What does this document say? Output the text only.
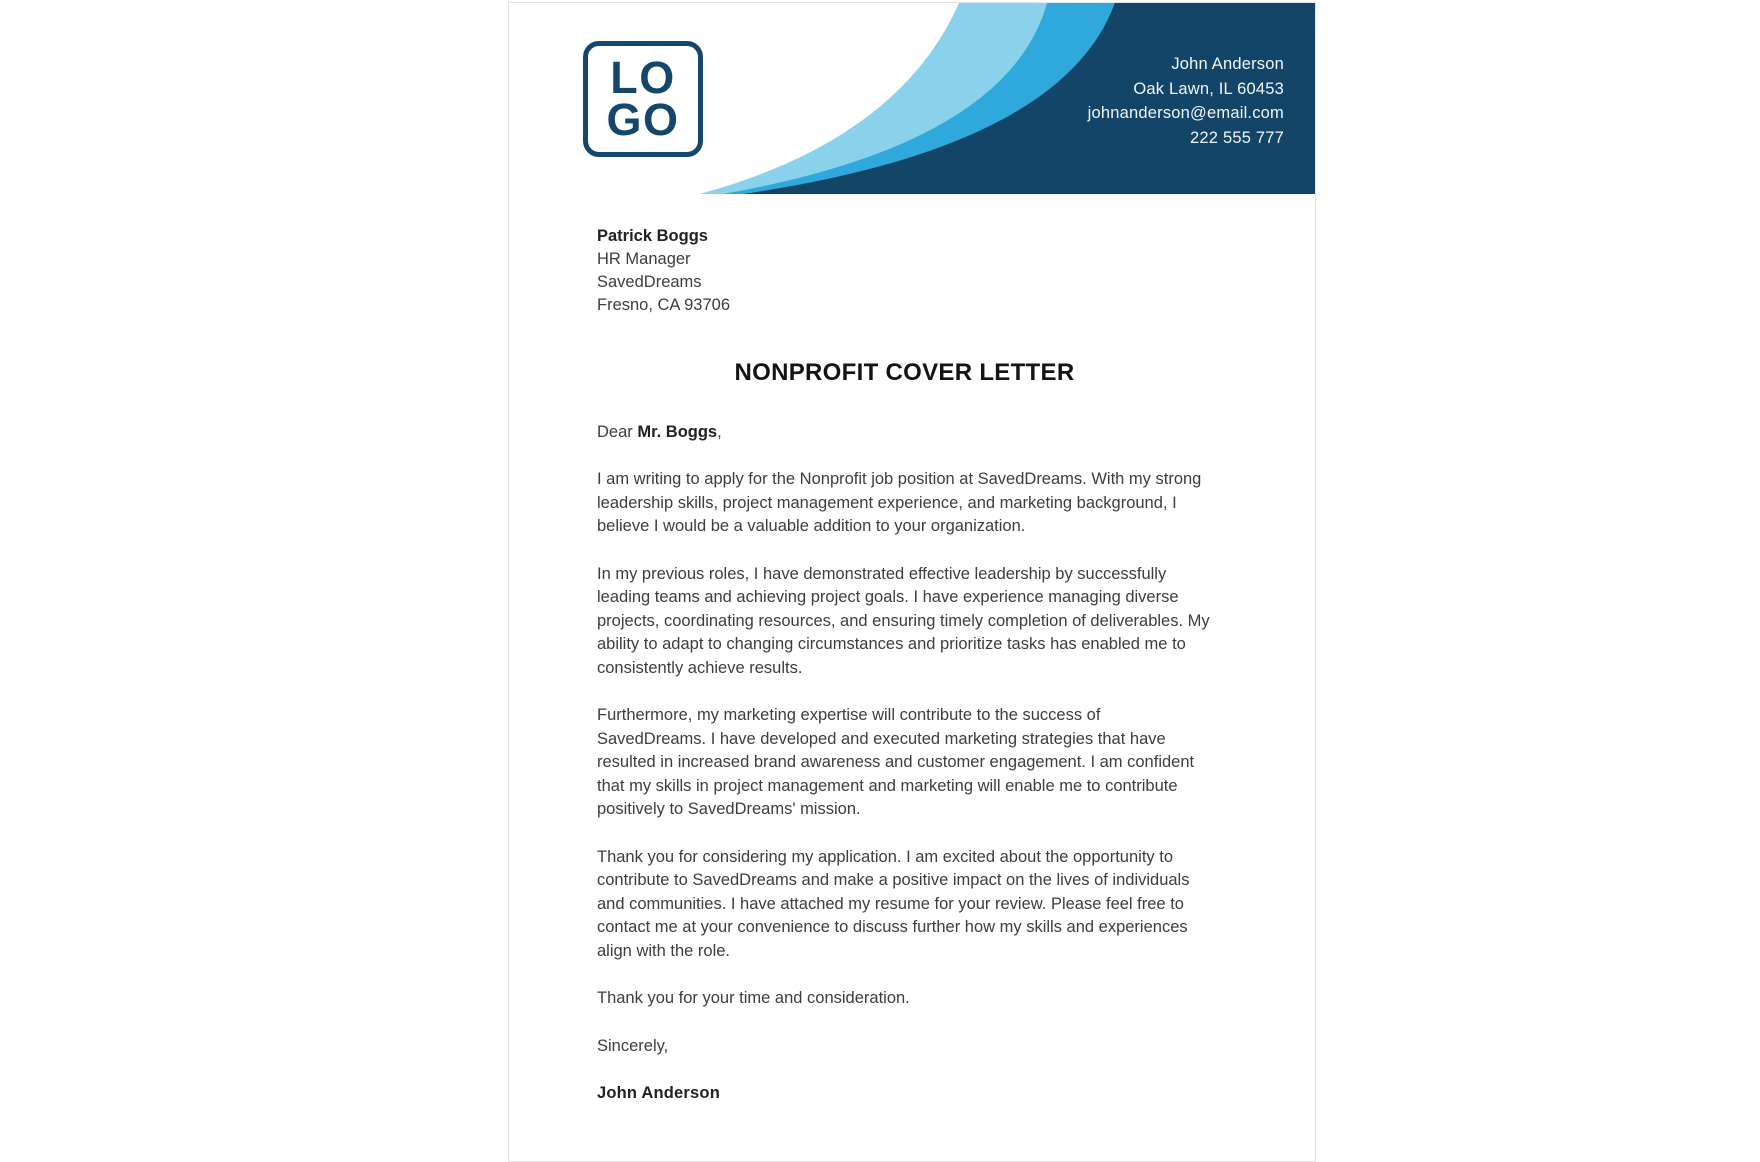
LO
GO
John Anderson
Oak Lawn, IL 60453
johnanderson@email.com
222 555 777
Patrick Boggs
HR Manager
SavedDreams
Fresno, CA 93706
NONPROFIT COVER LETTER

Dear Mr. Boggs,

I am writing to apply for the Nonprofit job position at SavedDreams. With my strong leadership skills, project management experience, and marketing background, I believe I would be a valuable addition to your organization.

In my previous roles, I have demonstrated effective leadership by successfully leading teams and achieving project goals. I have experience managing diverse projects, coordinating resources, and ensuring timely completion of deliverables. My ability to adapt to changing circumstances and prioritize tasks has enabled me to consistently achieve results.

Furthermore, my marketing expertise will contribute to the success of SavedDreams. I have developed and executed marketing strategies that have resulted in increased brand awareness and customer engagement. I am confident that my skills in project management and marketing will enable me to contribute positively to SavedDreams' mission.

Thank you for considering my application. I am excited about the opportunity to contribute to SavedDreams and make a positive impact on the lives of individuals and communities. I have attached my resume for your review. Please feel free to contact me at your convenience to discuss further how my skills and experiences align with the role.

Thank you for your time and consideration.

Sincerely,

John Anderson
